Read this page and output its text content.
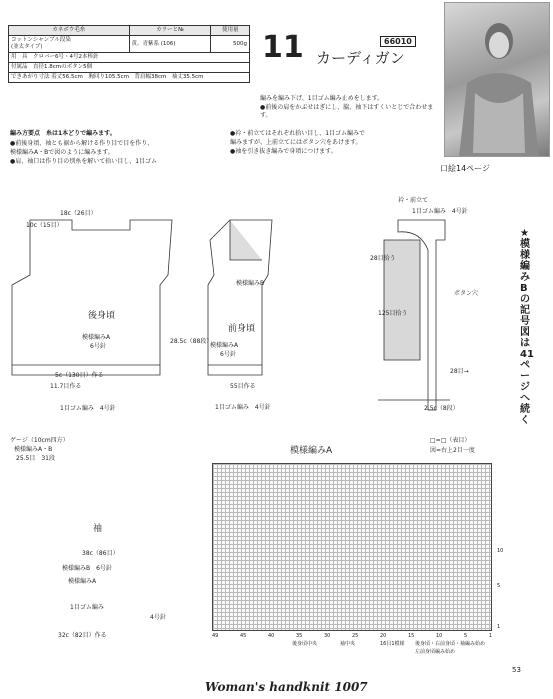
カネボウ毛糸	カラーと№	使用量
コットンシャンブル段染
(並太タイプ)	黄、青紫系 (106)	500g
用　具　 クロバー6号・4号2本棒針		
付属品　 直径1.8cmのボタン5個		
できあがり寸法 着丈56.5cm　胸回り105.5cm　背肩幅38cm　袖丈35.5cm		
11 カーディガン
66010
編みを編み下げ、1目ゴム編み止めをします。
●前後の肩をかぶせはぎにし、脇、袖下はすくいとじで合わせます。
編み方要点　糸は1本どりで編みます。
●前後身頃、袖とも裾から解ける作り目で目を作り、
模様編みA・Bで図のように編みます。
●肩、袖口は作り目の別糸を解いて拾い目し、1目ゴム
●衿・前立てはそれぞれ拾い目し、1目ゴム編みで
編みますが、上前立てにはボタン穴をあけます。
●袖を引き抜き編みで身頃につけます。
口絵14ページ
★模様編みBの記号図は41ページへ続く
後身頃
模様編みA
6号針
18c（26目）
10c（15目）
5c（130目）作る
11.7目作る
1目ゴム編み　4号針
前身頃
模様編みB
模様編みA
6号針
55目作る
1目ゴム編み　4号針
28.5c（88段）
衿・前立て
1目ゴム編み　4号針
ボタン穴
28目拾う
125目拾う
28目→
2.5c（8段）
ゲージ（10cm四方）
模様編みA・B
25.5目　31段
袖
38c（86目）
模様編みB　6号針
模様編みA
1目ゴム編み
32c（82目）作る
4号針
模様編みA
□=□（表目）
図=右上2目一度
49	45	40	35	30	25	20	15	10	5	1
後身頃中央	袖中央	16目1模様 後身頃・右前身頃・袖編み始め
左前身頃編み始め
10
5
1
53
Woman's handknit 1007
